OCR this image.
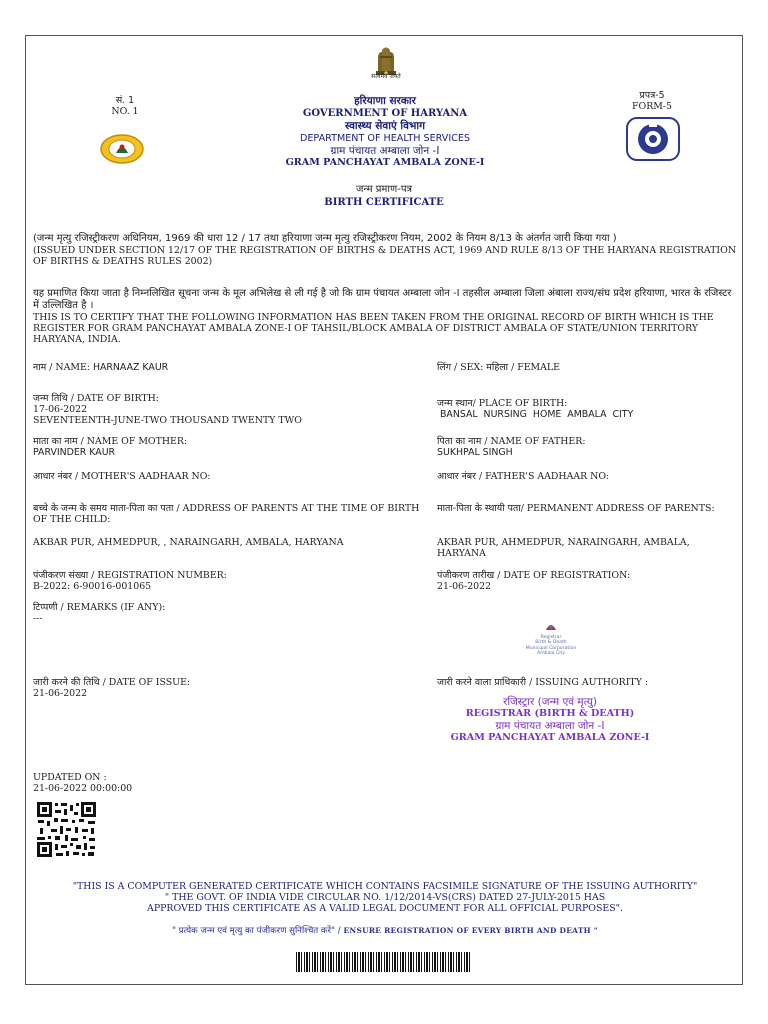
सत्यमेव जयते
सं. 1
NO. 1
हरियाणा सरकार
GOVERNMENT OF HARYANA
स्वास्थ्य सेवाएं विभाग
DEPARTMENT OF HEALTH SERVICES
ग्राम पंचायत अम्बाला जोन -I
GRAM PANCHAYAT AMBALA ZONE-I
प्रपत्र-5
FORM-5
जन्म प्रमाण-पत्र
BIRTH CERTIFICATE
(जन्म मृत्यु रजिस्ट्रीकरण अधिनियम, 1969 की धारा 12 / 17 तथा हरियाणा जन्म मृत्यु रजिस्ट्रीकरण नियम, 2002 के नियम 8/13 के अंतर्गत जारी किया गया )
(ISSUED UNDER SECTION 12/17 OF THE REGISTRATION OF BIRTHS & DEATHS ACT, 1969 AND RULE 8/13 OF THE HARYANA REGISTRATION OF BIRTHS & DEATHS RULES 2002)
यह प्रमाणित किया जाता है निम्नलिखित सूचना जन्म के मूल अभिलेख से ली गई है जो कि ग्राम पंचायत अम्बाला जोन -I तहसील अम्बाला जिला अंबाला राज्य/संघ प्रदेश हरियाणा, भारत के रजिस्टर में उल्लिखित है ।
THIS IS TO CERTIFY THAT THE FOLLOWING INFORMATION HAS BEEN TAKEN FROM THE ORIGINAL RECORD OF BIRTH WHICH IS THE REGISTER FOR GRAM PANCHAYAT AMBALA ZONE-I OF TAHSIL/BLOCK AMBALA OF DISTRICT AMBALA OF STATE/UNION TERRITORY HARYANA, INDIA.
नाम / NAME: HARNAAZ KAUR
जन्म तिथि / DATE OF BIRTH:
17-06-2022
SEVENTEENTH-JUNE-TWO THOUSAND TWENTY TWO
माता का नाम / NAME OF MOTHER:
PARVINDER KAUR
आधार नंबर / MOTHER'S AADHAAR NO:
बच्चे के जन्म के समय माता-पिता का पता / ADDRESS OF PARENTS AT THE TIME OF BIRTH OF THE CHILD:
AKBAR PUR, AHMEDPUR, , NARAINGARH, AMBALA, HARYANA
पंजीकरण संख्या / REGISTRATION NUMBER:
B-2022: 6-90016-001065
टिप्पणी / REMARKS (IF ANY):
---
जारी करने की तिथि / DATE OF ISSUE:
21-06-2022
लिंग / SEX: महिला / FEMALE
जन्म स्थान/ PLACE OF BIRTH:
BANSAL  NURSING  HOME  AMBALA  CITY
पिता का नाम / NAME OF FATHER:
SUKHPAL SINGH
आधार नंबर / FATHER'S AADHAAR NO:
माता-पिता के स्थायी पता/ PERMANENT ADDRESS OF PARENTS:
AKBAR PUR, AHMEDPUR, NARAINGARH, AMBALA, HARYANA
पंजीकरण तारीख / DATE OF REGISTRATION:
21-06-2022
Registrar
Birth & Death
Municipal Corporation
Ambala City
जारी करने वाला प्राधिकारी / ISSUING AUTHORITY :
रजिस्ट्रार (जन्म एवं मृत्यु)
REGISTRAR (BIRTH & DEATH)
ग्राम पंचायत अम्बाला जोन -I
GRAM PANCHAYAT AMBALA ZONE-I
UPDATED ON :
21-06-2022 00:00:00
"THIS IS A COMPUTER GENERATED CERTIFICATE WHICH CONTAINS FACSIMILE SIGNATURE OF THE ISSUING AUTHORITY"
" THE GOVT. OF INDIA VIDE CIRCULAR NO. 1/12/2014-VS(CRS) DATED 27-JULY-2015 HAS
APPROVED THIS CERTIFICATE AS A VALID LEGAL DOCUMENT FOR ALL OFFICIAL PURPOSES".
" प्रत्येक जन्म एवं मृत्यु का पंजीकरण सुनिश्चित करें" / ENSURE REGISTRATION OF EVERY BIRTH AND DEATH "
